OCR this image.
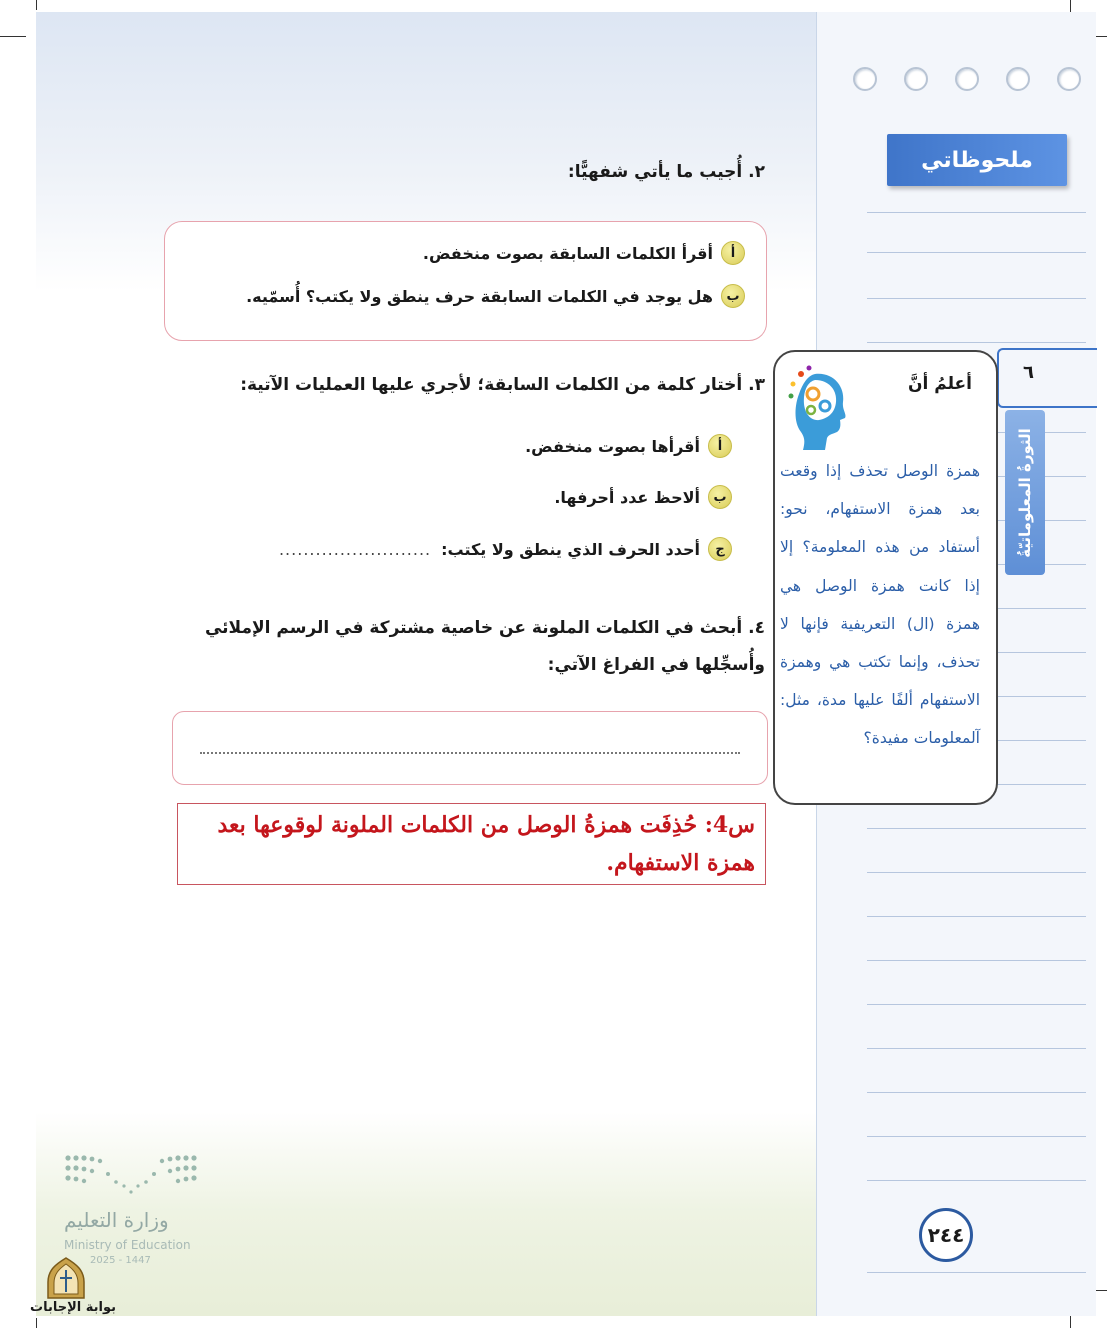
ملحوظاتي
٦
الثورةُ المعلوماتيّةُ
٢٤٤
٢. أُجيب ما يأتي شفهيًّا:
أ
أقرأ الكلمات السابقة بصوت منخفض.
ب
هل يوجد في الكلمات السابقة حرف ينطق ولا يكتب؟ أُسمّيه.
٣. أختار كلمة من الكلمات السابقة؛ لأجري عليها العمليات الآتية:
أ
أقرأها بصوت منخفض.
ب
ألاحظ عدد أحرفها.
ج
أحدد الحرف الذي ينطق ولا يكتب:
.........................
٤. أبحث في الكلمات الملونة عن خاصية مشتركة في الرسم الإملائي
وأُسجِّلها في الفراغ الآتي:
أعلمُ أنَّ
همزة الوصل تحذف إذا وقعت بعد همزة الاستفهام، نحو: أستفاد من هذه المعلومة؟ إلا إذا كانت همزة الوصل هي همزة (ال) التعريفية فإنها لا تحذف، وإنما تكتب هي وهمزة الاستفهام ألفًا عليها مدة، مثل: آلمعلومات مفيدة؟
س4: حُذِفَت همزةُ الوصل من الكلمات الملونة لوقوعها بعد همزة الاستفهام.
وزارة التعليم
Ministry of Education
2025 - 1447
بوابة الإجابات
